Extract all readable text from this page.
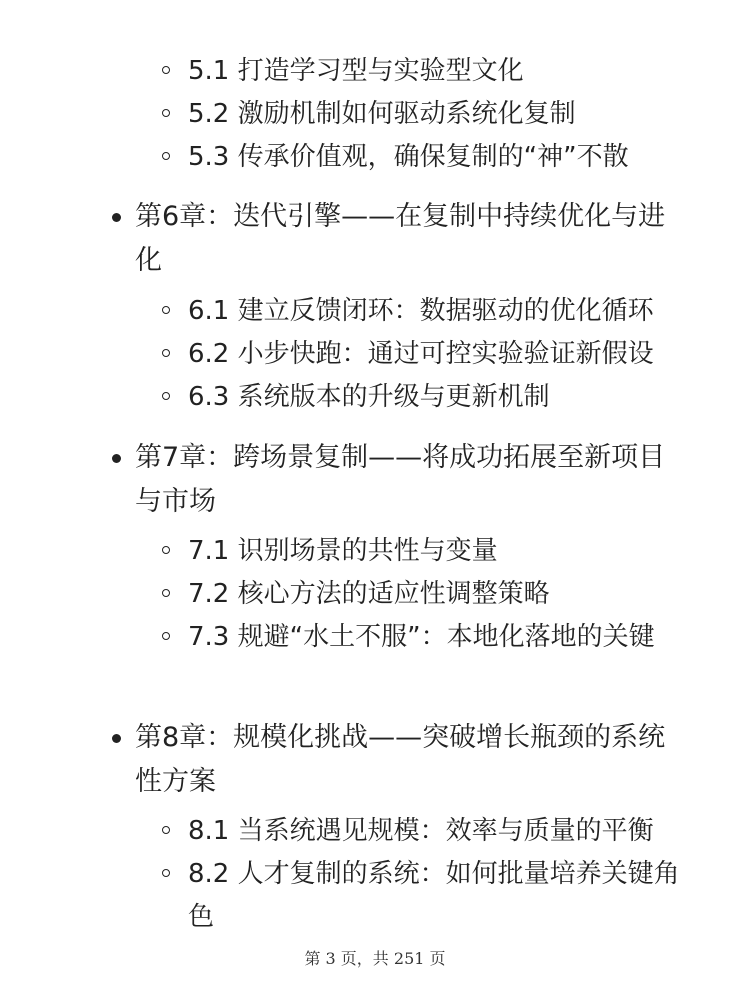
5.1 打造学习型与实验型文化
5.2 激励机制如何驱动系统化复制
5.3 传承价值观，确保复制的“神”不散

第6章：迭代引擎——在复制中持续优化与进化

6.1 建立反馈闭环：数据驱动的优化循环
6.2 小步快跑：通过可控实验验证新假设
6.3 系统版本的升级与更新机制

第7章：跨场景复制——将成功拓展至新项目与市场

7.1 识别场景的共性与变量
7.2 核心方法的适应性调整策略
7.3 规避“水土不服”：本地化落地的关键

第8章：规模化挑战——突破增长瓶颈的系统性方案

8.1 当系统遇见规模：效率与质量的平衡
8.2 人才复制的系统：如何批量培养关键角色
第 3 页，共 251 页
